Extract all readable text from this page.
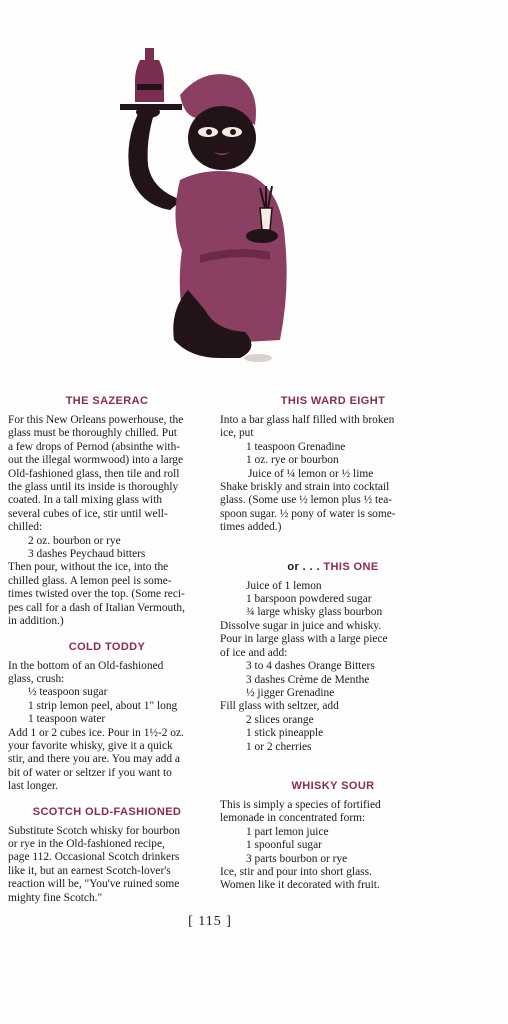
THE SAZERAC
For this New Orleans powerhouse, the
glass must be thoroughly chilled. Put
a few drops of Pernod (absinthe with-
out the illegal wormwood) into a large
Old-fashioned glass, then tile and roll
the glass until its inside is thoroughly
coated. In a tall mixing glass with
several cubes of ice, stir until well-
chilled:
2 oz. bourbon or rye
3 dashes Peychaud bitters
Then pour, without the ice, into the
chilled glass. A lemon peel is some-
times twisted over the top. (Some reci-
pes call for a dash of Italian Vermouth,
in addition.)
COLD TODDY
In the bottom of an Old-fashioned
glass, crush:
½ teaspoon sugar
1 strip lemon peel, about 1" long
1 teaspoon water
Add 1 or 2 cubes ice. Pour in 1½-2 oz.
your favorite whisky, give it a quick
stir, and there you are. You may add a
bit of water or seltzer if you want to
last longer.
SCOTCH OLD-FASHIONED
Substitute Scotch whisky for bourbon
or rye in the Old-fashioned recipe,
page 112. Occasional Scotch drinkers
like it, but an earnest Scotch-lover's
reaction will be, "You've ruined some
mighty fine Scotch."
THIS WARD EIGHT
Into a bar glass half filled with broken
ice, put
1 teaspoon Grenadine
1 oz. rye or bourbon
Juice of ¼ lemon or ½ lime
Shake briskly and strain into cocktail
glass. (Some use ½ lemon plus ½ tea-
spoon sugar. ½ pony of water is some-
times added.)
or . . . THIS ONE
Juice of 1 lemon
1 barspoon powdered sugar
¾ large whisky glass bourbon
Dissolve sugar in juice and whisky.
Pour in large glass with a large piece
of ice and add:
3 to 4 dashes Orange Bitters
3 dashes Crème de Menthe
½ jigger Grenadine
Fill glass with seltzer, add
2 slices orange
1 stick pineapple
1 or 2 cherries
WHISKY SOUR
This is simply a species of fortified
lemonade in concentrated form:
1 part lemon juice
1 spoonful sugar
3 parts bourbon or rye
Ice, stir and pour into short glass.
Women like it decorated with fruit.
[ 115 ]
